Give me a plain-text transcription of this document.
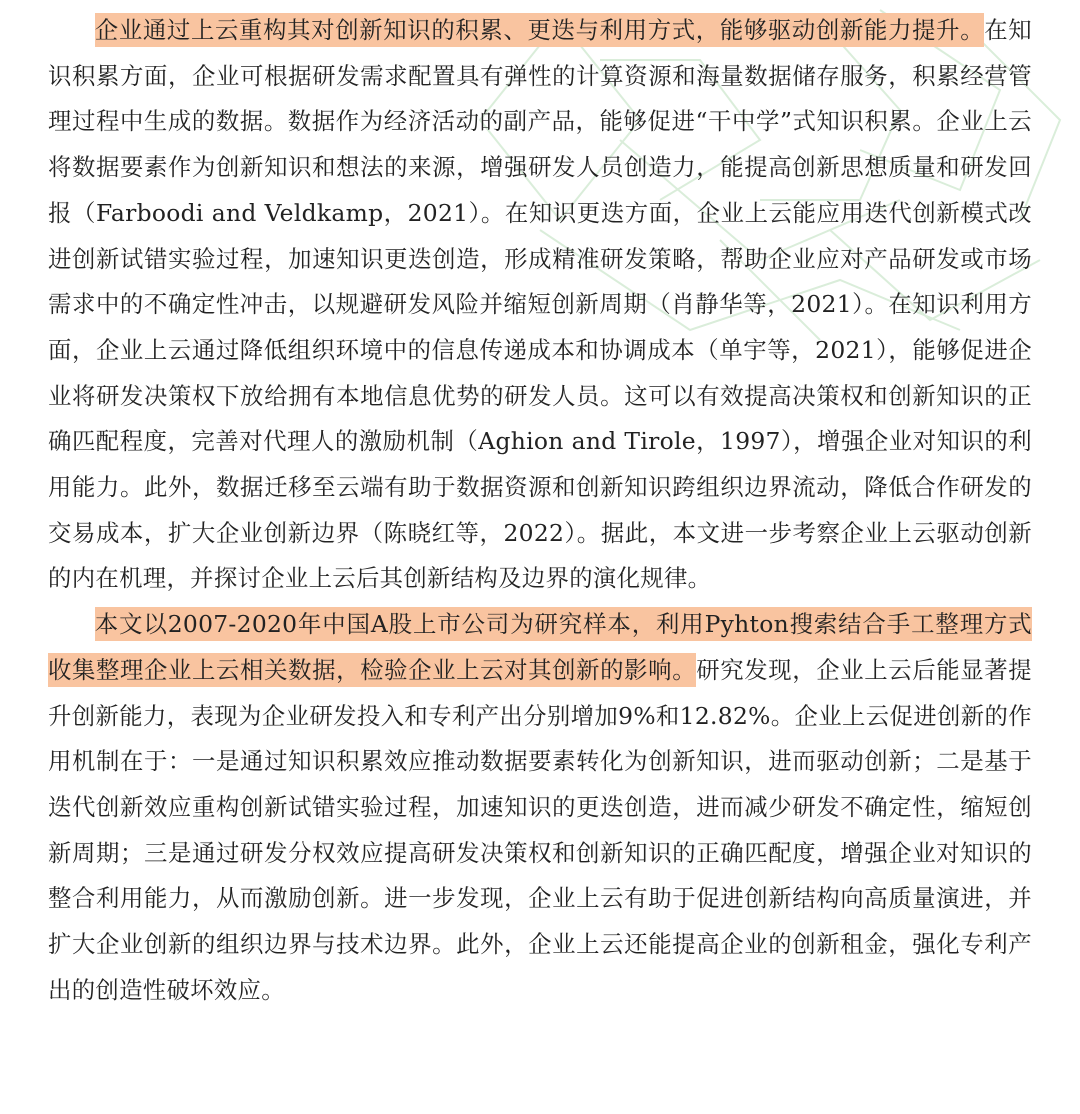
企业通过上云重构其对创新知识的积累、更迭与利用方式，能够驱动创新能力提升。在知识积累方面，企业可根据研发需求配置具有弹性的计算资源和海量数据储存服务，积累经营管理过程中生成的数据。数据作为经济活动的副产品，能够促进“干中学”式知识积累。企业上云将数据要素作为创新知识和想法的来源，增强研发人员创造力，能提高创新思想质量和研发回报（Farboodi and Veldkamp，2021）。在知识更迭方面，企业上云能应用迭代创新模式改进创新试错实验过程，加速知识更迭创造，形成精准研发策略，帮助企业应对产品研发或市场需求中的不确定性冲击，以规避研发风险并缩短创新周期（肖静华等，2021）。在知识利用方面，企业上云通过降低组织环境中的信息传递成本和协调成本（单宇等，2021），能够促进企业将研发决策权下放给拥有本地信息优势的研发人员。这可以有效提高决策权和创新知识的正确匹配程度，完善对代理人的激励机制（Aghion and Tirole，1997），增强企业对知识的利用能力。此外，数据迁移至云端有助于数据资源和创新知识跨组织边界流动，降低合作研发的交易成本，扩大企业创新边界（陈晓红等，2022）。据此，本文进一步考察企业上云驱动创新的内在机理，并探讨企业上云后其创新结构及边界的演化规律。

本文以2007-2020年中国A股上市公司为研究样本，利用Pyhton搜索结合手工整理方式收集整理企业上云相关数据，检验企业上云对其创新的影响。研究发现，企业上云后能显著提升创新能力，表现为企业研发投入和专利产出分别增加9%和12.82%。企业上云促进创新的作用机制在于：一是通过知识积累效应推动数据要素转化为创新知识，进而驱动创新；二是基于迭代创新效应重构创新试错实验过程，加速知识的更迭创造，进而减少研发不确定性，缩短创新周期；三是通过研发分权效应提高研发决策权和创新知识的正确匹配度，增强企业对知识的整合利用能力，从而激励创新。进一步发现，企业上云有助于促进创新结构向高质量演进，并扩大企业创新的组织边界与技术边界。此外，企业上云还能提高企业的创新租金，强化专利产出的创造性破坏效应。
